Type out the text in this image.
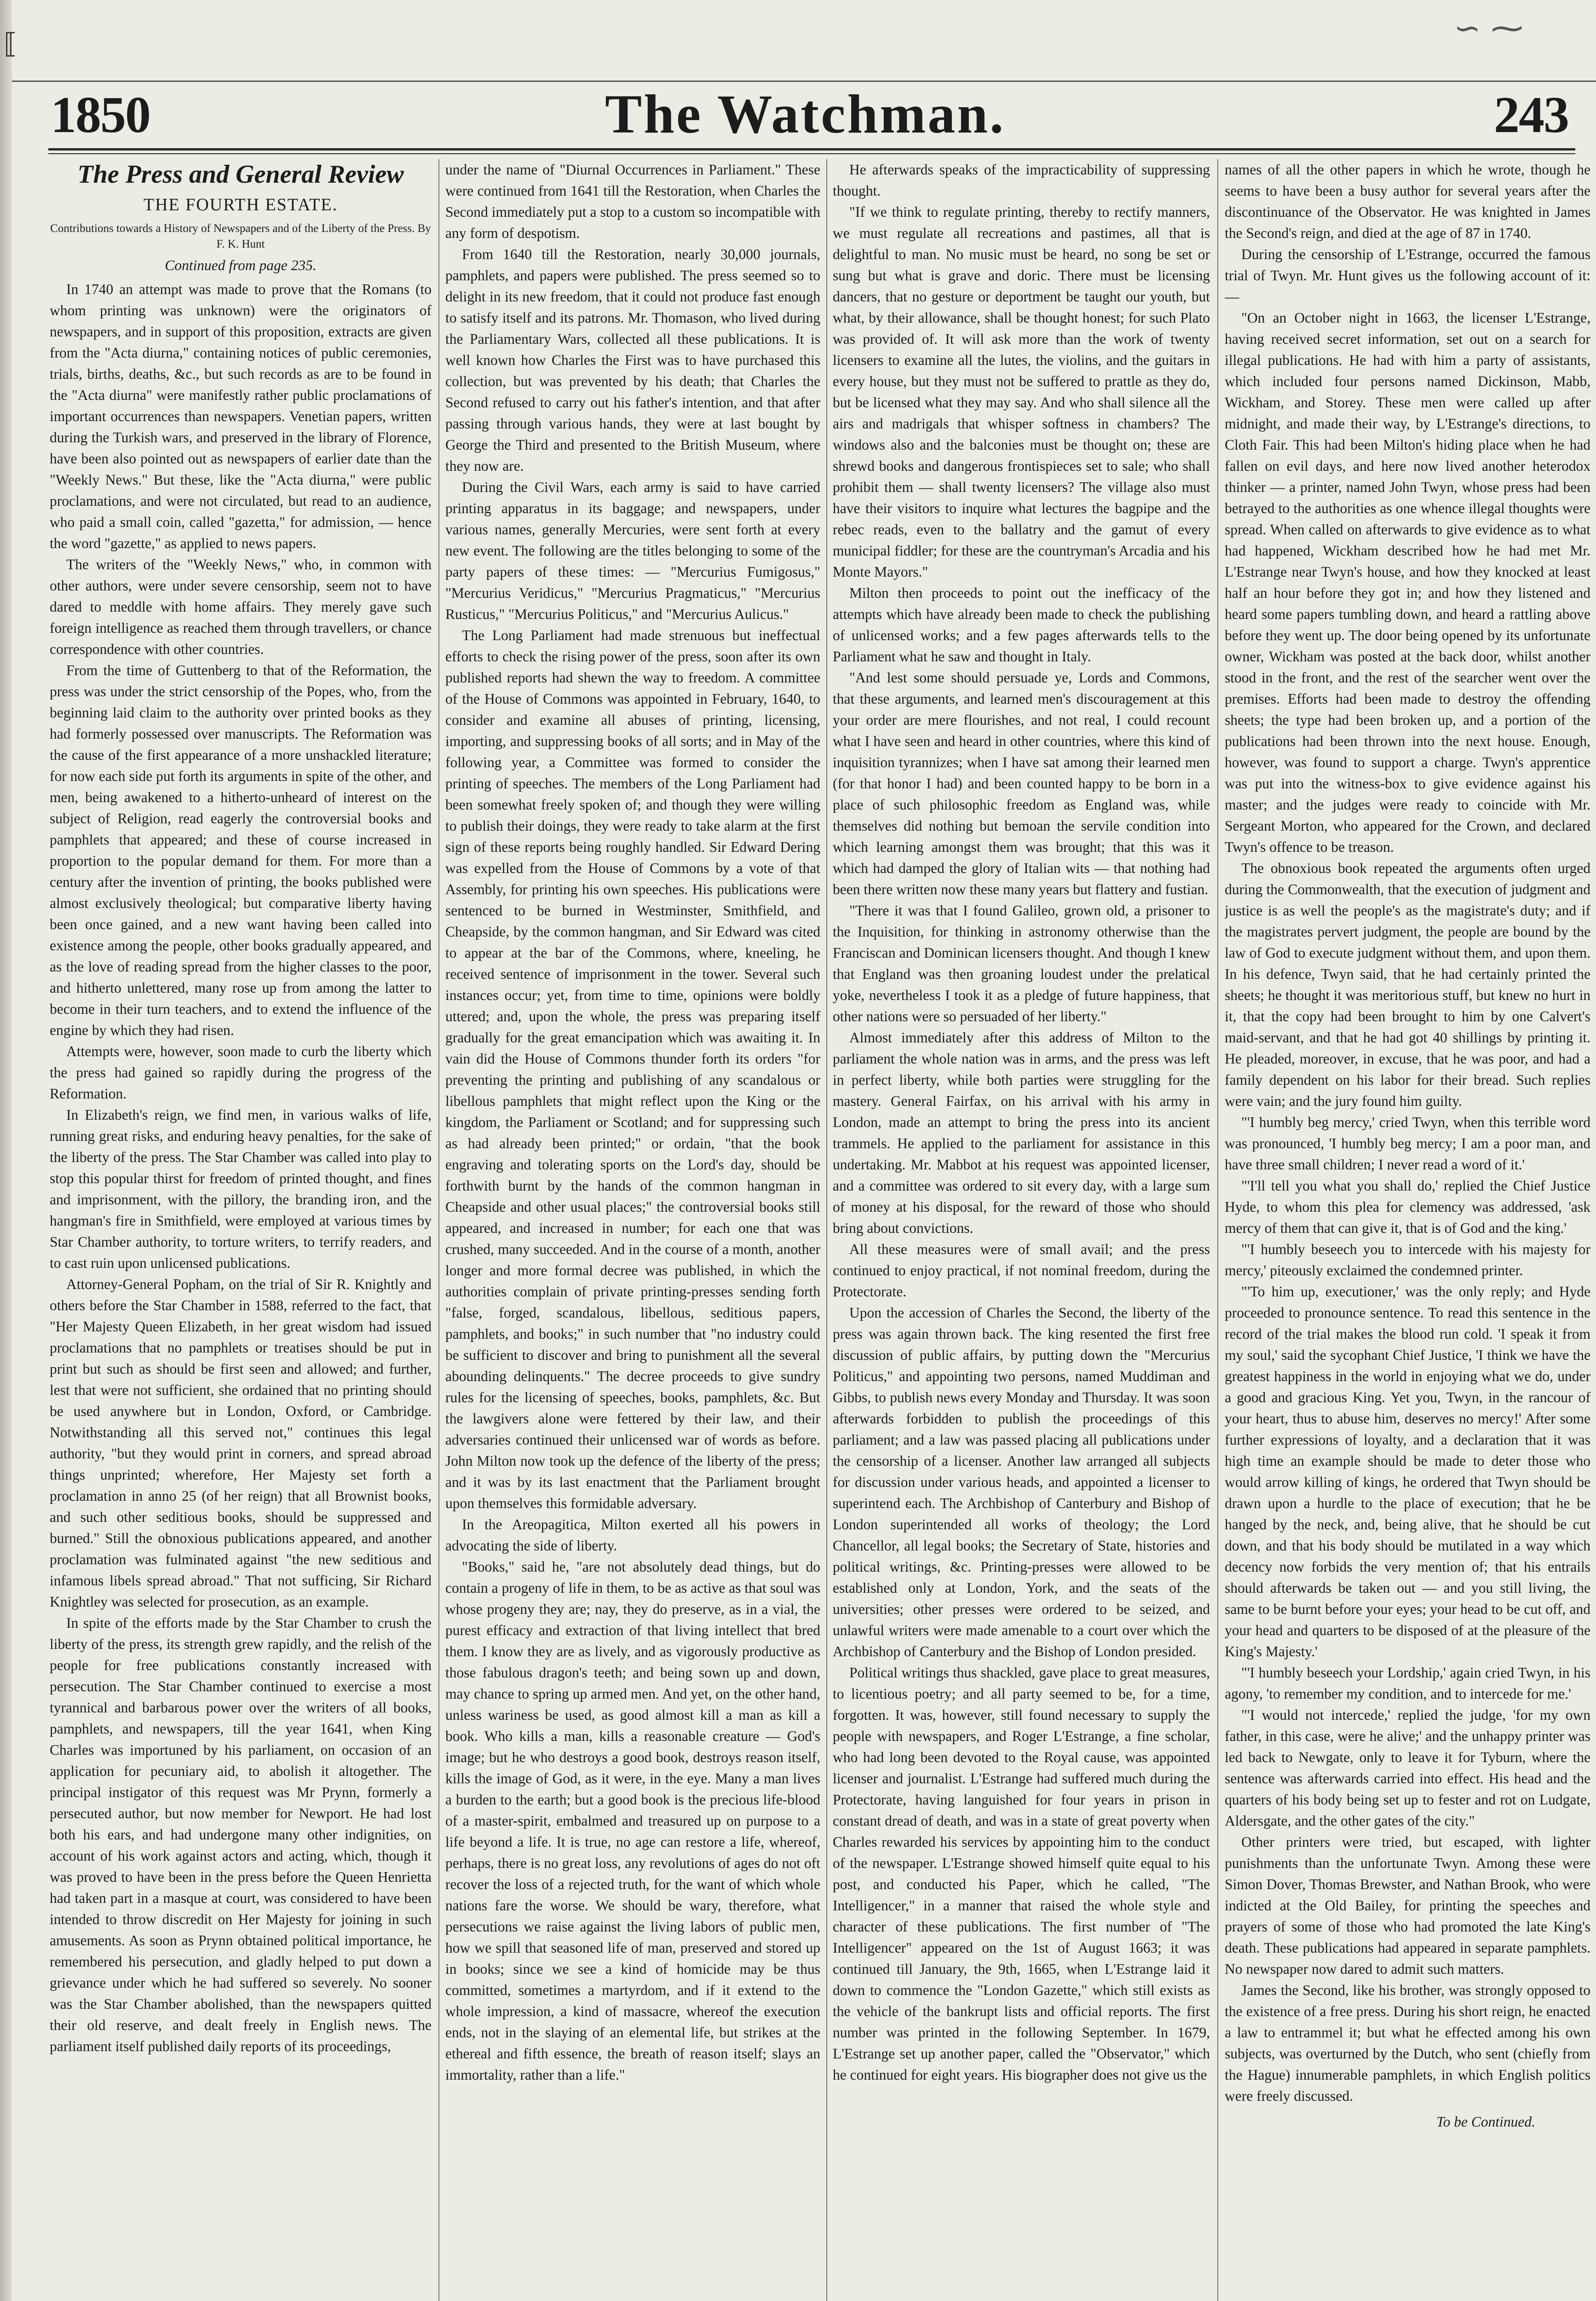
⟦	∽ ⁓
1850	The Watchman.	243
The Press and General Review
THE FOURTH ESTATE.
Contributions towards a History of Newspapers and of the Liberty of the Press. By F. K. Hunt
Continued from page 235.

In 1740 an attempt was made to prove that the Romans (to whom printing was unknown) were the originators of newspapers, and in support of this proposition, extracts are given from the "Acta diurna," containing notices of public ceremonies, trials, births, deaths, &c., but such records as are to be found in the "Acta diurna" were manifestly rather public proclamations of important occurrences than newspapers. Venetian papers, written during the Turkish wars, and preserved in the library of Florence, have been also pointed out as newspapers of earlier date than the "Weekly News." But these, like the "Acta diurna," were public proclamations, and were not circulated, but read to an audience, who paid a small coin, called "gazetta," for admission, — hence the word "gazette," as applied to news papers.

The writers of the "Weekly News," who, in common with other authors, were under severe censorship, seem not to have dared to meddle with home affairs. They merely gave such foreign intelligence as reached them through travellers, or chance correspondence with other countries.

From the time of Guttenberg to that of the Reformation, the press was under the strict censorship of the Popes, who, from the beginning laid claim to the authority over printed books as they had formerly possessed over manuscripts. The Reformation was the cause of the first appearance of a more unshackled literature; for now each side put forth its arguments in spite of the other, and men, being awakened to a hitherto-unheard of interest on the subject of Religion, read eagerly the controversial books and pamphlets that appeared; and these of course increased in proportion to the popular demand for them. For more than a century after the invention of printing, the books published were almost exclusively theological; but comparative liberty having been once gained, and a new want having been called into existence among the people, other books gradually appeared, and as the love of reading spread from the higher classes to the poor, and hitherto unlettered, many rose up from among the latter to become in their turn teachers, and to extend the influence of the engine by which they had risen.

Attempts were, however, soon made to curb the liberty which the press had gained so rapidly during the progress of the Reformation.

In Elizabeth's reign, we find men, in various walks of life, running great risks, and enduring heavy penalties, for the sake of the liberty of the press. The Star Chamber was called into play to stop this popular thirst for freedom of printed thought, and fines and imprisonment, with the pillory, the branding iron, and the hangman's fire in Smithfield, were employed at various times by Star Chamber authority, to torture writers, to terrify readers, and to cast ruin upon unlicensed publications.

Attorney-General Popham, on the trial of Sir R. Knightly and others before the Star Chamber in 1588, referred to the fact, that "Her Majesty Queen Elizabeth, in her great wisdom had issued proclamations that no pamphlets or treatises should be put in print but such as should be first seen and allowed; and further, lest that were not sufficient, she ordained that no printing should be used anywhere but in London, Oxford, or Cambridge. Notwithstanding all this served not," continues this legal authority, "but they would print in corners, and spread abroad things unprinted; wherefore, Her Majesty set forth a proclamation in anno 25 (of her reign) that all Brownist books, and such other seditious books, should be suppressed and burned." Still the obnoxious publications appeared, and another proclamation was fulminated against "the new seditious and infamous libels spread abroad." That not sufficing, Sir Richard Knightley was selected for prosecution, as an example.

In spite of the efforts made by the Star Chamber to crush the liberty of the press, its strength grew rapidly, and the relish of the people for free publications constantly increased with persecution. The Star Chamber continued to exercise a most tyrannical and barbarous power over the writers of all books, pamphlets, and newspapers, till the year 1641, when King Charles was importuned by his parliament, on occasion of an application for pecuniary aid, to abolish it altogether. The principal instigator of this request was Mr Prynn, formerly a persecuted author, but now member for Newport. He had lost both his ears, and had undergone many other indignities, on account of his work against actors and acting, which, though it was proved to have been in the press before the Queen Henrietta had taken part in a masque at court, was considered to have been intended to throw discredit on Her Majesty for joining in such amusements. As soon as Prynn obtained political importance, he remembered his persecution, and gladly helped to put down a grievance under which he had suffered so severely. No sooner was the Star Chamber abolished, than the newspapers quitted their old reserve, and dealt freely in English news. The parliament itself published daily reports of its proceedings,

under the name of "Diurnal Occurrences in Parliament." These were continued from 1641 till the Restoration, when Charles the Second immediately put a stop to a custom so incompatible with any form of despotism.

From 1640 till the Restoration, nearly 30,000 journals, pamphlets, and papers were published. The press seemed so to delight in its new freedom, that it could not produce fast enough to satisfy itself and its patrons. Mr. Thomason, who lived during the Parliamentary Wars, collected all these publications. It is well known how Charles the First was to have purchased this collection, but was prevented by his death; that Charles the Second refused to carry out his father's intention, and that after passing through various hands, they were at last bought by George the Third and presented to the British Museum, where they now are.

During the Civil Wars, each army is said to have carried printing apparatus in its baggage; and newspapers, under various names, generally Mercuries, were sent forth at every new event. The following are the titles belonging to some of the party papers of these times: — "Mercurius Fumigosus," "Mercurius Veridicus," "Mercurius Pragmaticus," "Mercurius Rusticus," "Mercurius Politicus," and "Mercurius Aulicus."

The Long Parliament had made strenuous but ineffectual efforts to check the rising power of the press, soon after its own published reports had shewn the way to freedom. A committee of the House of Commons was appointed in February, 1640, to consider and examine all abuses of printing, licensing, importing, and suppressing books of all sorts; and in May of the following year, a Committee was formed to consider the printing of speeches. The members of the Long Parliament had been somewhat freely spoken of; and though they were willing to publish their doings, they were ready to take alarm at the first sign of these reports being roughly handled. Sir Edward Dering was expelled from the House of Commons by a vote of that Assembly, for printing his own speeches. His publications were sentenced to be burned in Westminster, Smithfield, and Cheapside, by the common hangman, and Sir Edward was cited to appear at the bar of the Commons, where, kneeling, he received sentence of imprisonment in the tower. Several such instances occur; yet, from time to time, opinions were boldly uttered; and, upon the whole, the press was preparing itself gradually for the great emancipation which was awaiting it. In vain did the House of Commons thunder forth its orders "for preventing the printing and publishing of any scandalous or libellous pamphlets that might reflect upon the King or the kingdom, the Parliament or Scotland; and for suppressing such as had already been printed;" or ordain, "that the book engraving and tolerating sports on the Lord's day, should be forthwith burnt by the hands of the common hangman in Cheapside and other usual places;" the controversial books still appeared, and increased in number; for each one that was crushed, many succeeded. And in the course of a month, another longer and more formal decree was published, in which the authorities complain of private printing-presses sending forth "false, forged, scandalous, libellous, seditious papers, pamphlets, and books;" in such number that "no industry could be sufficient to discover and bring to punishment all the several abounding delinquents." The decree proceeds to give sundry rules for the licensing of speeches, books, pamphlets, &c. But the lawgivers alone were fettered by their law, and their adversaries continued their unlicensed war of words as before. John Milton now took up the defence of the liberty of the press; and it was by its last enactment that the Parliament brought upon themselves this formidable adversary.

In the Areopagitica, Milton exerted all his powers in advocating the side of liberty.

"Books," said he, "are not absolutely dead things, but do contain a progeny of life in them, to be as active as that soul was whose progeny they are; nay, they do preserve, as in a vial, the purest efficacy and extraction of that living intellect that bred them. I know they are as lively, and as vigorously productive as those fabulous dragon's teeth; and being sown up and down, may chance to spring up armed men. And yet, on the other hand, unless wariness be used, as good almost kill a man as kill a book. Who kills a man, kills a reasonable creature — God's image; but he who destroys a good book, destroys reason itself, kills the image of God, as it were, in the eye. Many a man lives a burden to the earth; but a good book is the precious life-blood of a master-spirit, embalmed and treasured up on purpose to a life beyond a life. It is true, no age can restore a life, whereof, perhaps, there is no great loss, any revolutions of ages do not oft recover the loss of a rejected truth, for the want of which whole nations fare the worse. We should be wary, therefore, what persecutions we raise against the living labors of public men, how we spill that seasoned life of man, preserved and stored up in books; since we see a kind of homicide may be thus committed, sometimes a martyrdom, and if it extend to the whole impression, a kind of massacre, whereof the execution ends, not in the slaying of an elemental life, but strikes at the ethereal and fifth essence, the breath of reason itself; slays an immortality, rather than a life."

He afterwards speaks of the impracticability of suppressing thought.

"If we think to regulate printing, thereby to rectify manners, we must regulate all recreations and pastimes, all that is delightful to man. No music must be heard, no song be set or sung but what is grave and doric. There must be licensing dancers, that no gesture or deportment be taught our youth, but what, by their allowance, shall be thought honest; for such Plato was provided of. It will ask more than the work of twenty licensers to examine all the lutes, the violins, and the guitars in every house, but they must not be suffered to prattle as they do, but be licensed what they may say. And who shall silence all the airs and madrigals that whisper softness in chambers? The windows also and the balconies must be thought on; these are shrewd books and dangerous frontispieces set to sale; who shall prohibit them — shall twenty licensers? The village also must have their visitors to inquire what lectures the bagpipe and the rebec reads, even to the ballatry and the gamut of every municipal fiddler; for these are the countryman's Arcadia and his Monte Mayors."

Milton then proceeds to point out the inefficacy of the attempts which have already been made to check the publishing of unlicensed works; and a few pages afterwards tells to the Parliament what he saw and thought in Italy.

"And lest some should persuade ye, Lords and Commons, that these arguments, and learned men's discouragement at this your order are mere flourishes, and not real, I could recount what I have seen and heard in other countries, where this kind of inquisition tyrannizes; when I have sat among their learned men (for that honor I had) and been counted happy to be born in a place of such philosophic freedom as England was, while themselves did nothing but bemoan the servile condition into which learning amongst them was brought; that this was it which had damped the glory of Italian wits — that nothing had been there written now these many years but flattery and fustian.

"There it was that I found Galileo, grown old, a prisoner to the Inquisition, for thinking in astronomy otherwise than the Franciscan and Dominican licensers thought. And though I knew that England was then groaning loudest under the prelatical yoke, nevertheless I took it as a pledge of future happiness, that other nations were so persuaded of her liberty."

Almost immediately after this address of Milton to the parliament the whole nation was in arms, and the press was left in perfect liberty, while both parties were struggling for the mastery. General Fairfax, on his arrival with his army in London, made an attempt to bring the press into its ancient trammels. He applied to the parliament for assistance in this undertaking. Mr. Mabbot at his request was appointed licenser, and a committee was ordered to sit every day, with a large sum of money at his disposal, for the reward of those who should bring about convictions.

All these measures were of small avail; and the press continued to enjoy practical, if not nominal freedom, during the Protectorate.

Upon the accession of Charles the Second, the liberty of the press was again thrown back. The king resented the first free discussion of public affairs, by putting down the "Mercurius Politicus," and appointing two persons, named Muddiman and Gibbs, to publish news every Monday and Thursday. It was soon afterwards forbidden to publish the proceedings of this parliament; and a law was passed placing all publications under the censorship of a licenser. Another law arranged all subjects for discussion under various heads, and appointed a licenser to superintend each. The Archbishop of Canterbury and Bishop of London superintended all works of theology; the Lord Chancellor, all legal books; the Secretary of State, histories and political writings, &c. Printing-presses were allowed to be established only at London, York, and the seats of the universities; other presses were ordered to be seized, and unlawful writers were made amenable to a court over which the Archbishop of Canterbury and the Bishop of London presided.

Political writings thus shackled, gave place to great measures, to licentious poetry; and all party seemed to be, for a time, forgotten. It was, however, still found necessary to supply the people with newspapers, and Roger L'Estrange, a fine scholar, who had long been devoted to the Royal cause, was appointed licenser and journalist. L'Estrange had suffered much during the Protectorate, having languished for four years in prison in constant dread of death, and was in a state of great poverty when Charles rewarded his services by appointing him to the conduct of the newspaper. L'Estrange showed himself quite equal to his post, and conducted his Paper, which he called, "The Intelligencer," in a manner that raised the whole style and character of these publications. The first number of "The Intelligencer" appeared on the 1st of August 1663; it was continued till January, the 9th, 1665, when L'Estrange laid it down to commence the "London Gazette," which still exists as the vehicle of the bankrupt lists and official reports. The first number was printed in the following September. In 1679, L'Estrange set up another paper, called the "Observator," which he continued for eight years. His biographer does not give us the

names of all the other papers in which he wrote, though he seems to have been a busy author for several years after the discontinuance of the Observator. He was knighted in James the Second's reign, and died at the age of 87 in 1740.

During the censorship of L'Estrange, occurred the famous trial of Twyn. Mr. Hunt gives us the following account of it: —

"On an October night in 1663, the licenser L'Estrange, having received secret information, set out on a search for illegal publications. He had with him a party of assistants, which included four persons named Dickinson, Mabb, Wickham, and Storey. These men were called up after midnight, and made their way, by L'Estrange's directions, to Cloth Fair. This had been Milton's hiding place when he had fallen on evil days, and here now lived another heterodox thinker — a printer, named John Twyn, whose press had been betrayed to the authorities as one whence illegal thoughts were spread. When called on afterwards to give evidence as to what had happened, Wickham described how he had met Mr. L'Estrange near Twyn's house, and how they knocked at least half an hour before they got in; and how they listened and heard some papers tumbling down, and heard a rattling above before they went up. The door being opened by its unfortunate owner, Wickham was posted at the back door, whilst another stood in the front, and the rest of the searcher went over the premises. Efforts had been made to destroy the offending sheets; the type had been broken up, and a portion of the publications had been thrown into the next house. Enough, however, was found to support a charge. Twyn's apprentice was put into the witness-box to give evidence against his master; and the judges were ready to coincide with Mr. Sergeant Morton, who appeared for the Crown, and declared Twyn's offence to be treason.

The obnoxious book repeated the arguments often urged during the Commonwealth, that the execution of judgment and justice is as well the people's as the magistrate's duty; and if the magistrates pervert judgment, the people are bound by the law of God to execute judgment without them, and upon them. In his defence, Twyn said, that he had certainly printed the sheets; he thought it was meritorious stuff, but knew no hurt in it, that the copy had been brought to him by one Calvert's maid-servant, and that he had got 40 shillings by printing it. He pleaded, moreover, in excuse, that he was poor, and had a family dependent on his labor for their bread. Such replies were vain; and the jury found him guilty.

"'I humbly beg mercy,' cried Twyn, when this terrible word was pronounced, 'I humbly beg mercy; I am a poor man, and have three small children; I never read a word of it.'

"'I'll tell you what you shall do,' replied the Chief Justice Hyde, to whom this plea for clemency was addressed, 'ask mercy of them that can give it, that is of God and the king.'

"'I humbly beseech you to intercede with his majesty for mercy,' piteously exclaimed the condemned printer.

"'To him up, executioner,' was the only reply; and Hyde proceeded to pronounce sentence. To read this sentence in the record of the trial makes the blood run cold. 'I speak it from my soul,' said the sycophant Chief Justice, 'I think we have the greatest happiness in the world in enjoying what we do, under a good and gracious King. Yet you, Twyn, in the rancour of your heart, thus to abuse him, deserves no mercy!' After some further expressions of loyalty, and a declaration that it was high time an example should be made to deter those who would arrow killing of kings, he ordered that Twyn should be drawn upon a hurdle to the place of execution; that he be hanged by the neck, and, being alive, that he should be cut down, and that his body should be mutilated in a way which decency now forbids the very mention of; that his entrails should afterwards be taken out — and you still living, the same to be burnt before your eyes; your head to be cut off, and your head and quarters to be disposed of at the pleasure of the King's Majesty.'

"'I humbly beseech your Lordship,' again cried Twyn, in his agony, 'to remember my condition, and to intercede for me.'

"'I would not intercede,' replied the judge, 'for my own father, in this case, were he alive;' and the unhappy printer was led back to Newgate, only to leave it for Tyburn, where the sentence was afterwards carried into effect. His head and the quarters of his body being set up to fester and rot on Ludgate, Aldersgate, and the other gates of the city."

Other printers were tried, but escaped, with lighter punishments than the unfortunate Twyn. Among these were Simon Dover, Thomas Brewster, and Nathan Brook, who were indicted at the Old Bailey, for printing the speeches and prayers of some of those who had promoted the late King's death. These publications had appeared in separate pamphlets. No newspaper now dared to admit such matters.

James the Second, like his brother, was strongly opposed to the existence of a free press. During his short reign, he enacted a law to entrammel it; but what he effected among his own subjects, was overturned by the Dutch, who sent (chiefly from the Hague) innumerable pamphlets, in which English politics were freely discussed.

To be Continued.
